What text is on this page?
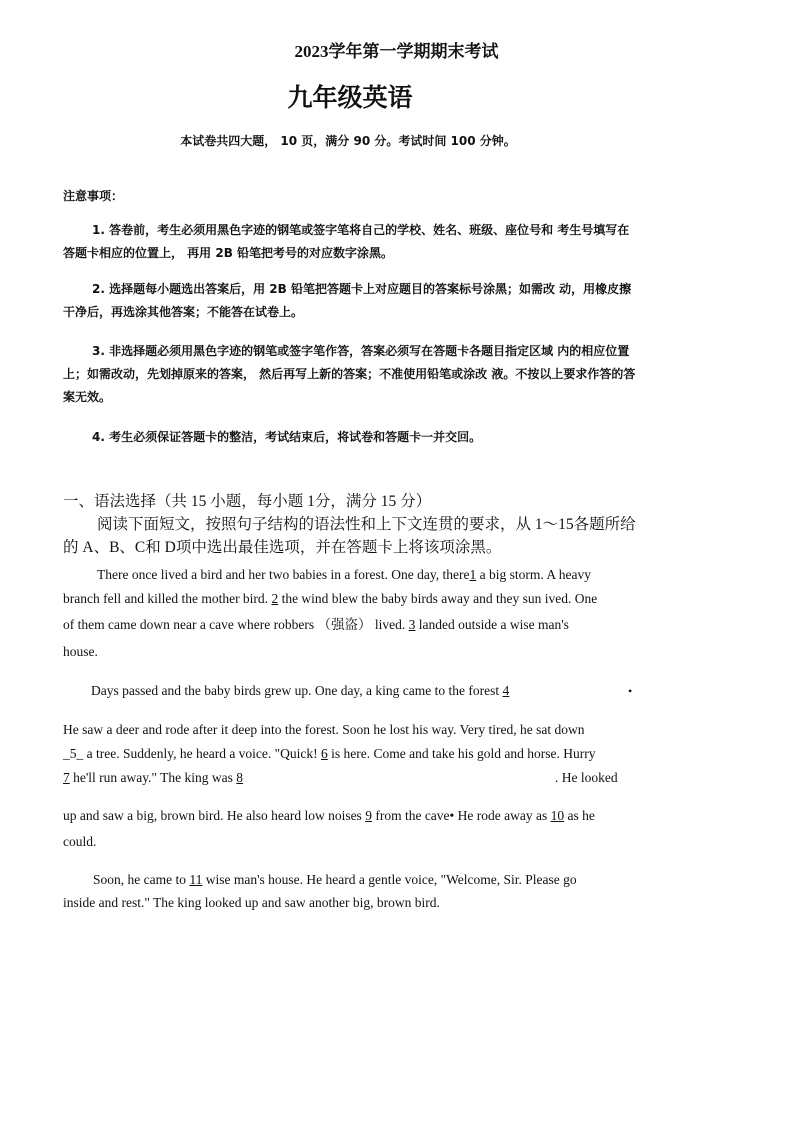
2023学年第一学期期末考试
九年级英语
本试卷共四大题， 10 页，满分 90 分。考试时间 100 分钟。
注意事项：
1. 答卷前，考生必须用黑色字迹的钢笔或签字笔将自己的学校、姓名、班级、座位号和 考生号填写在答题卡相应的位置上， 再用 2B 铅笔把考号的对应数字涂黑。
2. 选择题每小题选出答案后，用 2B 铅笔把答题卡上对应题目的答案标号涂黑；如需改 动，用橡皮擦干净后，再选涂其他答案；不能答在试卷上。
3. 非选择题必须用黑色字迹的钢笔或签字笔作答，答案必须写在答题卡各题目指定区域 内的相应位置上；如需改动，先划掉原来的答案， 然后再写上新的答案；不准使用铅笔或涂改 液。不按以上要求作答的答案无效。
4. 考生必须保证答题卡的整洁，考试结束后，将试卷和答题卡一并交回。
一、语法选择（共 15 小题，每小题 1分，满分 15 分）
阅读下面短文，按照句子结构的语法性和上下文连贯的要求，从 1～15各题所给的 A、B、C和 D项中选出最佳选项，并在答题卡上将该项涂黑。
There once lived a bird and her two babies in a forest. One day, there1 a big storm. A heavy
branch fell and killed the mother bird. 2 the wind blew the baby birds away and they sun ived. One
of them came down near a cave where robbers （强盗） lived. 3 landed outside a wise man's
house.
Days passed and the baby birds grew up. One day, a king came to the forest 4	•
He saw a deer and rode after it deep into the forest. Soon he lost his way. Very tired, he sat down
_5_ a tree. Suddenly, he heard a voice. "Quick! 6 is here. Come and take his gold and horse. Hurry
7 he'll run away." The king was 8	. He looked
up and saw a big, brown bird. He also heard low noises 9 from the cave• He rode away as 10 as he
could.
Soon, he came to 11 wise man's house. He heard a gentle voice, "Welcome, Sir. Please go
inside and rest." The king looked up and saw another big, brown bird.
